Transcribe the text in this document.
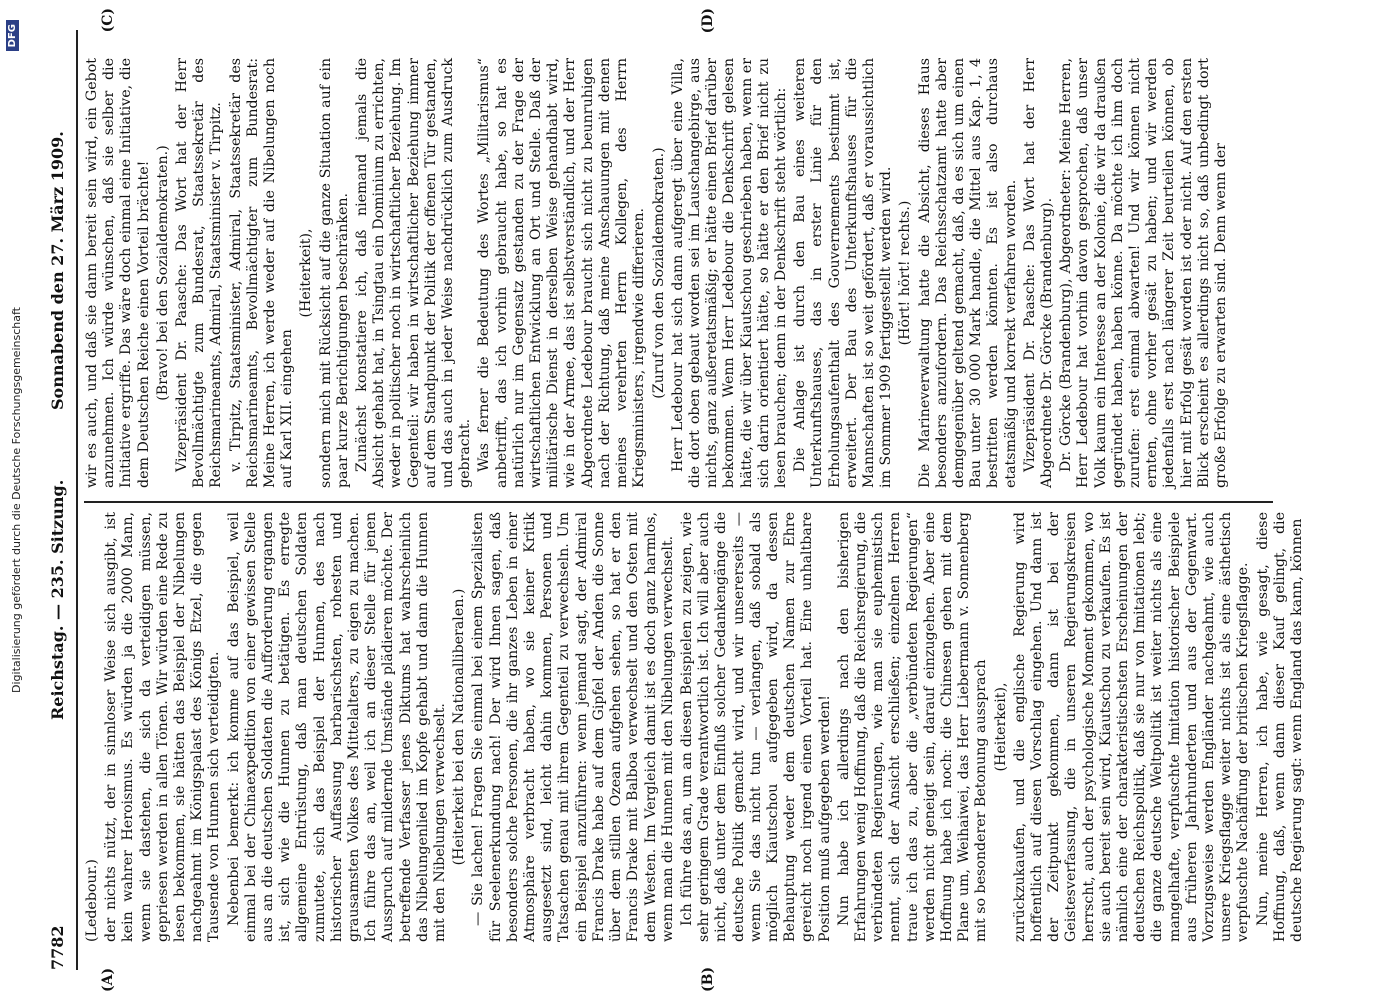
7782
Reichstag. — 235. Sitzung.
Sonnabend den 27. März 1909.
(A)	(B)
(C)	(D)

(Ledebour.) der nichts nützt, der in sinnloser Weise sich ausgibt, ist kein wahrer Heroismus. Es würden ja die 2000 Mann, wenn sie dastehen, die sich da verteidigen müssen, gepriesen werden in allen Tönen. Wir würden eine Rede zu lesen bekommen, sie hätten das Beispiel der Nibelungen nachgeahmt im Königspalast des Königs Etzel, die gegen Tausende von Hunnen sich verteidigten. Nebenbei bemerkt: ich komme auf das Beispiel, weil einmal bei der Chinaexpedition von einer gewissen Stelle aus an die deutschen Soldaten die Aufforderung ergangen ist, sich wie die Hunnen zu betätigen. Es erregte allgemeine Entrüstung, daß man deutschen Soldaten zumutete, sich das Beispiel der Hunnen, des nach historischer Auffassung barbarischsten, rohesten und grausamsten Volkes des Mittelalters, zu eigen zu machen. Ich führe das an, weil ich an dieser Stelle für jenen Ausspruch auf mildernde Umstände plädieren möchte. Der betreffende Verfasser jenes Diktums hat wahrscheinlich das Nibelungenlied im Kopfe gehabt und dann die Hunnen mit den Nibelungen verwechselt. (Heiterkeit bei den Nationalliberalen.) — Sie lachen! Fragen Sie einmal bei einem Spezialisten für Seelenerkundung nach! Der wird Ihnen sagen, daß besonders solche Personen, die ihr ganzes Leben in einer Atmosphäre verbracht haben, wo sie keiner Kritik ausgesetzt sind, leicht dahin kommen, Personen und Tatsachen genau mit ihrem Gegenteil zu verwechseln. Um ein Beispiel anzuführen: wenn jemand sagt, der Admiral Francis Drake habe auf dem Gipfel der Anden die Sonne über dem stillen Ozean aufgehen sehen, so hat er den Francis Drake mit Balboa verwechselt und den Osten mit dem Westen. Im Vergleich damit ist es doch ganz harmlos, wenn man die Hunnen mit den Nibelungen verwechselt. Ich führe das an, um an diesen Beispielen zu zeigen, wie sehr geringem Grade verantwortlich ist. Ich will aber auch nicht, daß unter dem Einfluß solcher Gedankengänge die deutsche Politik gemacht wird, und wir unsererseits — wenn Sie das nicht tun — verlangen, daß sobald als möglich Kiautschou aufgegeben wird, da dessen Behauptung weder dem deutschen Namen zur Ehre gereicht noch irgend einen Vorteil hat. Eine unhaltbare Position muß aufgegeben werden! Nun habe ich allerdings nach den bisherigen Erfahrungen wenig Hoffnung, daß die Reichsregierung, die verbündeten Regierungen, wie man sie euphemistisch nennt, sich der Ansicht erschließen; einzelnen Herren traue ich das zu, aber die „verbündeten Regierungen“ werden nicht geneigt sein, darauf einzugehen. Aber eine Hoffnung habe ich noch: die Chinesen gehen mit dem Plane um, Weihaiwei, das Herr Liebermann v. Sonnenberg mit so besonderer Betonung aussprach (Heiterkeit), zurückzukaufen, und die englische Regierung wird hoffentlich auf diesen Vorschlag eingehen. Und dann ist der Zeitpunkt gekommen, dann ist bei der Geistesverfassung, die in unseren Regierungskreisen herrscht, auch der psychologische Moment gekommen, wo sie auch bereit sein wird, Kiautschou zu verkaufen. Es ist nämlich eine der charakteristischsten Erscheinungen der deutschen Reichspolitik, daß sie nur von Imitationen lebt; die ganze deutsche Weltpolitik ist weiter nichts als eine mangelhafte, verpfuschte Imitation historischer Beispiele aus früheren Jahrhunderten und aus der Gegenwart. Vorzugsweise werden Engländer nachgeahmt, wie auch unsere Kriegsflagge weiter nichts ist als eine ästhetisch verpfuschte Nachäffung der britischen Kriegsflagge. Nun, meine Herren, ich habe, wie gesagt, diese Hoffnung, daß, wenn dann dieser Kauf gelingt, die deutsche Regierung sagt: wenn England das kann, können

wir es auch, und daß sie dann bereit sein wird, ein Gebot anzunehmen. Ich würde wünschen, daß sie selber die Initiative ergriffe. Das wäre doch einmal eine Initiative, die dem Deutschen Reiche einen Vorteil brächte! (Bravo! bei den Sozialdemokraten.) Vizepräsident Dr. Paasche: Das Wort hat der Herr Bevollmächtigte zum Bundesrat, Staatssekretär des Reichsmarineamts, Admiral, Staatsminister v. Tirpitz. v. Tirpitz, Staatsminister, Admiral, Staatssekretär des Reichsmarineamts, Bevollmächtigter zum Bundesrat: Meine Herren, ich werde weder auf die Nibelungen noch auf Karl XII. eingehen

(Heiterkeit), sondern mich mit Rücksicht auf die ganze Situation auf ein paar kurze Berichtigungen beschränken. Zunächst konstatiere ich, daß niemand jemals die Absicht gehabt hat, in Tsingtau ein Dominium zu errichten, weder in politischer noch in wirtschaftlicher Beziehung. Im Gegenteil: wir haben in wirtschaftlicher Beziehung immer auf dem Standpunkt der Politik der offenen Tür gestanden, und das auch in jeder Weise nachdrücklich zum Ausdruck gebracht. Was ferner die Bedeutung des Wortes „Militarismus“ anbetrifft, das ich vorhin gebraucht habe, so hat es natürlich nur im Gegensatz gestanden zu der Frage der wirtschaftlichen Entwicklung an Ort und Stelle. Daß der militärische Dienst in derselben Weise gehandhabt wird, wie in der Armee, das ist selbstverständlich, und der Herr Abgeordnete Ledebour braucht sich nicht zu beunruhigen nach der Richtung, daß meine Anschauungen mit denen meines verehrten Herrn Kollegen, des Herrn Kriegsministers, irgendwie differieren. (Zuruf von den Sozialdemokraten.) Herr Ledebour hat sich dann aufgeregt über eine Villa, die dort oben gebaut worden sei im Lauschangebirge, aus nichts, ganz außeretatsmäßig; er hätte einen Brief darüber bekommen. Wenn Herr Ledebour die Denkschrift gelesen hätte, die wir über Kiautschou geschrieben haben, wenn er sich darin orientiert hätte, so hätte er den Brief nicht zu lesen brauchen; denn in der Denkschrift steht wörtlich: Die Anlage ist durch den Bau eines weiteren Unterkunftshauses, das in erster Linie für den Erholungsaufenthalt des Gouvernements bestimmt ist, erweitert. Der Bau des Unterkunftshauses für die Mannschaften ist so weit gefördert, daß er voraussichtlich im Sommer 1909 fertiggestellt werden wird. (Hört! hört! rechts.) Die Marineverwaltung hatte die Absicht, dieses Haus besonders anzufordern. Das Reichsschatzamt hatte aber demgegenüber geltend gemacht, daß, da es sich um einen Bau unter 30 000 Mark handle, die Mittel aus Kap. 1, 4 bestritten werden könnten. Es ist also durchaus etatsmäßig und korrekt verfahren worden. Vizepräsident Dr. Paasche: Das Wort hat der Herr Abgeordnete Dr. Görcke (Brandenburg). Dr. Görcke (Brandenburg), Abgeordneter: Meine Herren, Herr Ledebour hat vorhin davon gesprochen, daß unser Volk kaum ein Interesse an der Kolonie, die wir da draußen gegründet haben, haben könne. Da möchte ich ihm doch zurufen: erst einmal abwarten! Und wir können nicht ernten, ohne vorher gesät zu haben; und wir werden jedenfalls erst nach längerer Zeit beurteilen können, ob hier mit Erfolg gesät worden ist oder nicht. Auf den ersten Blick erscheint es allerdings nicht so, daß unbedingt dort große Erfolge zu erwarten sind. Denn wenn der

Digitalisierung gefördert durch die Deutsche Forschungsgemeinschaft
DFG
